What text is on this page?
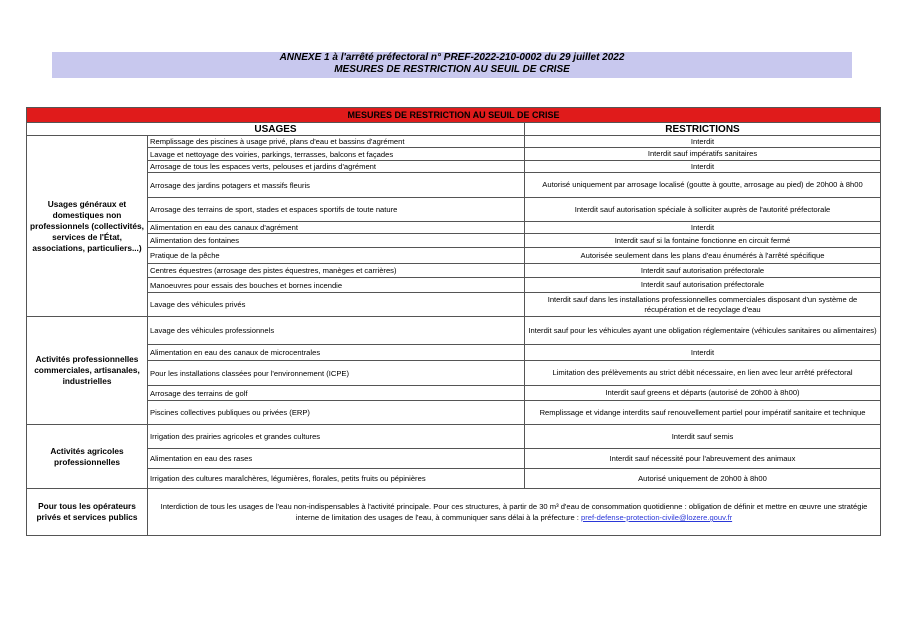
ANNEXE 1 à l'arrêté préfectoral n° PREF-2022-210-0002 du 29 juillet 2022
MESURES DE RESTRICTION AU SEUIL DE CRISE
MESURES DE RESTRICTION AU SEUIL DE CRISE		
USAGES		RESTRICTIONS
Usages généraux et domestiques non professionnels (collectivités, services de l'État, associations, particuliers...)	Remplissage des piscines à usage privé, plans d'eau et bassins d'agrément	Interdit
	Lavage et nettoyage des voiries, parkings, terrasses, balcons et façades	Interdit sauf impératifs sanitaires
	Arrosage de tous les espaces verts, pelouses et jardins d'agrément	Interdit
	Arrosage des jardins potagers et massifs fleuris	Autorisé uniquement par arrosage localisé (goutte à goutte, arrosage au pied) de 20h00 à 8h00
	Arrosage des terrains de sport, stades et espaces sportifs de toute nature	Interdit sauf autorisation spéciale à solliciter auprès de l'autorité préfectorale
	Alimentation en eau des canaux d'agrément	Interdit
	Alimentation des fontaines	Interdit sauf si la fontaine fonctionne en circuit fermé
	Pratique de la pêche	Autorisée seulement dans les plans d'eau énumérés à l'arrêté spécifique
	Centres équestres (arrosage des pistes équestres, manèges et carrières)	Interdit sauf autorisation préfectorale
	Manoeuvres pour essais des bouches et bornes incendie	Interdit sauf autorisation préfectorale
	Lavage des véhicules privés	Interdit sauf dans les installations professionnelles commerciales disposant d'un système de récupération et de recyclage d'eau
Activités professionnelles commerciales, artisanales, industrielles	Lavage des véhicules professionnels	Interdit sauf pour les véhicules ayant une obligation réglementaire (véhicules sanitaires ou alimentaires)
	Alimentation en eau des canaux de microcentrales	Interdit
	Pour les installations classées pour l'environnement (ICPE)	Limitation des prélèvements au strict débit nécessaire, en lien avec leur arrêté préfectoral
	Arrosage des terrains de golf	Interdit sauf greens et départs (autorisé de 20h00 à 8h00)
	Piscines collectives publiques ou privées (ERP)	Remplissage et vidange interdits sauf renouvellement partiel pour impératif sanitaire et technique
Activités agricoles professionnelles	Irrigation des prairies agricoles et grandes cultures	Interdit sauf semis
	Alimentation en eau des rases	Interdit sauf nécessité pour l'abreuvement des animaux
	Irrigation des cultures maraîchères, légumières, florales, petits fruits ou pépinières	Autorisé uniquement de 20h00 à 8h00
Pour tous les opérateurs privés et services publics	Interdiction de tous les usages de l'eau non-indispensables à l'activité principale. Pour ces structures, à partir de 30 m³ d'eau de consommation quotidienne : obligation de définir et mettre en œuvre une stratégie interne de limitation des usages de l'eau, à communiquer sans délai à la préfecture : pref-defense-protection-civile@lozere.gouv.fr	
